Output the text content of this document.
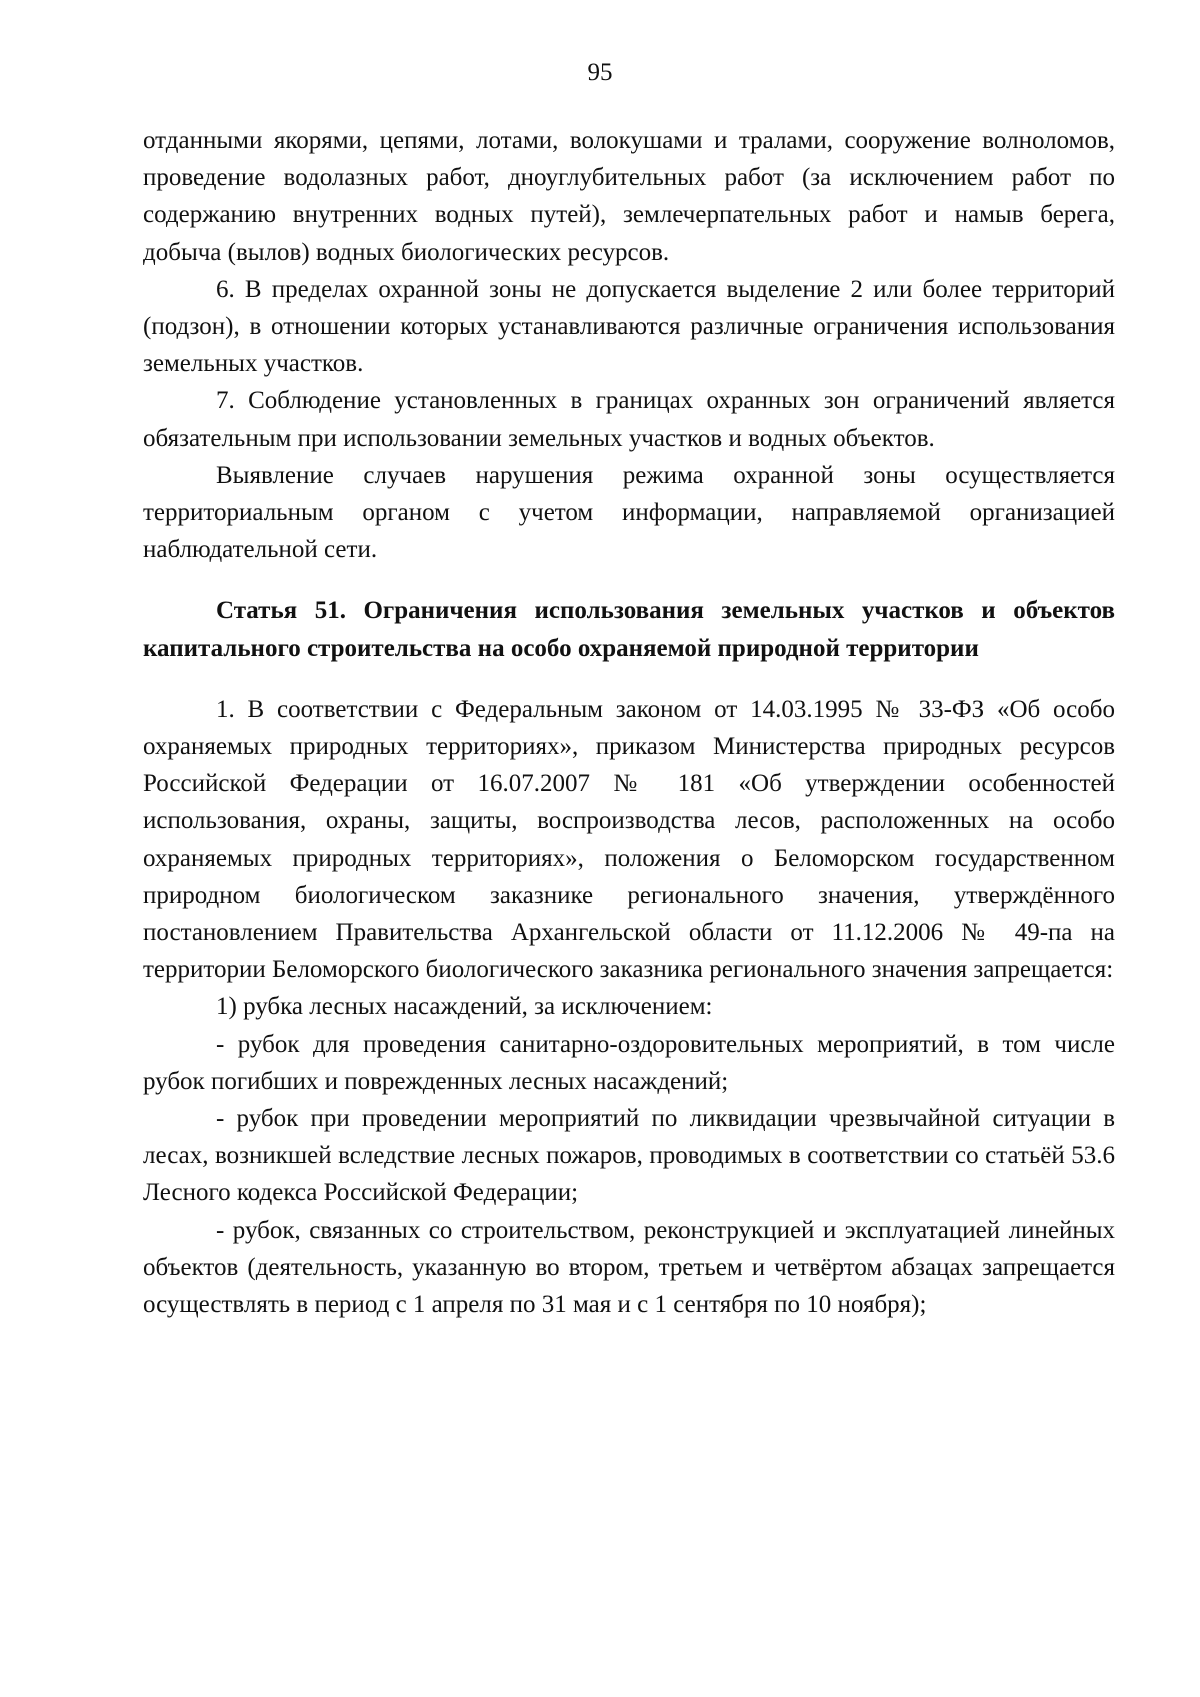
95

отданными якорями, цепями, лотами, волокушами и тралами, сооружение волноломов, проведение водолазных работ, дноуглубительных работ (за исключением работ по содержанию внутренних водных путей), землечерпательных работ и намыв берега, добыча (вылов) водных биологических ресурсов.

6. В пределах охранной зоны не допускается выделение 2 или более территорий (подзон), в отношении которых устанавливаются различные ограничения использования земельных участков.

7. Соблюдение установленных в границах охранных зон ограничений является обязательным при использовании земельных участков и водных объектов.

Выявление случаев нарушения режима охранной зоны осуществляется территориальным органом с учетом информации, направляемой организацией наблюдательной сети.

Статья 51. Ограничения использования земельных участков и объектов капитального строительства на особо охраняемой природной территории

1. В соответствии с Федеральным законом от 14.03.1995 № 33-ФЗ «Об особо охраняемых природных территориях», приказом Министерства природных ресурсов Российской Федерации от 16.07.2007 № 181 «Об утверждении особенностей использования, охраны, защиты, воспроизводства лесов, расположенных на особо охраняемых природных территориях», положения о Беломорском государственном природном биологическом заказнике регионального значения, утверждённого постановлением Правительства Архангельской области от 11.12.2006 № 49-па на территории Беломорского биологического заказника регионального значения запрещается:

1) рубка лесных насаждений, за исключением:

- рубок для проведения санитарно-оздоровительных мероприятий, в том числе рубок погибших и поврежденных лесных насаждений;

- рубок при проведении мероприятий по ликвидации чрезвычайной ситуации в лесах, возникшей вследствие лесных пожаров, проводимых в соответствии со статьёй 53.6 Лесного кодекса Российской Федерации;

- рубок, связанных со строительством, реконструкцией и эксплуатацией линейных объектов (деятельность, указанную во втором, третьем и четвёртом абзацах запрещается осуществлять в период с 1 апреля по 31 мая и с 1 сентября по 10 ноября);
